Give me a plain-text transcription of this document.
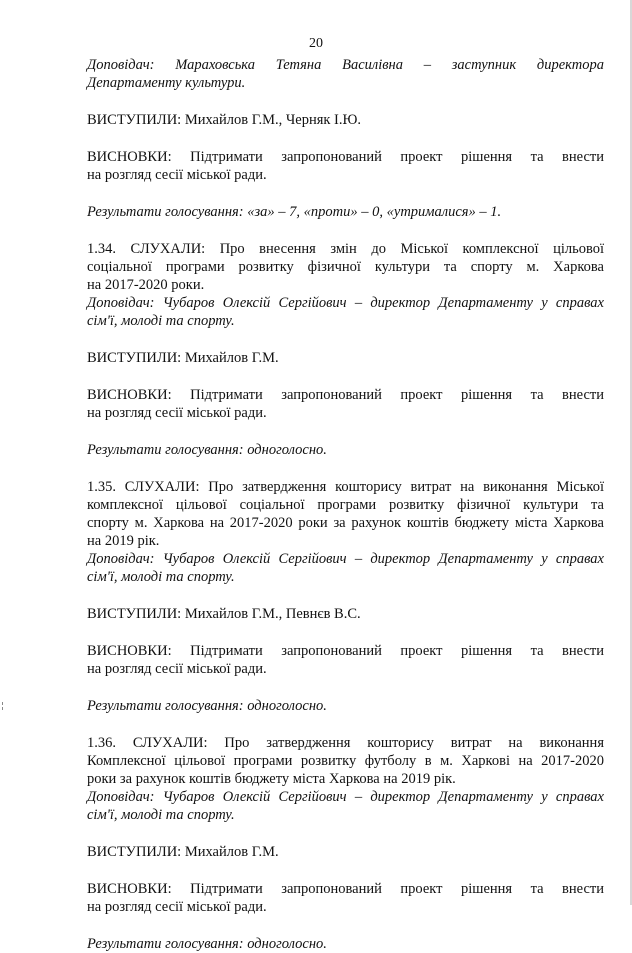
20

Доповідач: Мараховська Тетяна Василівна – заступник директора

Департаменту культури.

ВИСТУПИЛИ: Михайлов Г.М., Черняк І.Ю.

ВИСНОВКИ: Підтримати запропонований проект рішення та внести

на розгляд сесії міської ради.

Результати голосування: «за» – 7, «проти» – 0, «утрималися» – 1.

1.34. СЛУХАЛИ: Про внесення змін до Міської комплексної цільової

соціальної програми розвитку фізичної культури та спорту м. Харкова

на 2017-2020 роки.

Доповідач: Чубаров Олексій Сергійович – директор Департаменту у справах

сім'ї, молоді та спорту.

ВИСТУПИЛИ: Михайлов Г.М.

ВИСНОВКИ: Підтримати запропонований проект рішення та внести

на розгляд сесії міської ради.

Результати голосування: одноголосно.

1.35. СЛУХАЛИ: Про затвердження кошторису витрат на виконання Міської

комплексної цільової соціальної програми розвитку фізичної культури та

спорту м. Харкова на 2017-2020 роки за рахунок коштів бюджету міста Харкова

на 2019 рік.

Доповідач: Чубаров Олексій Сергійович – директор Департаменту у справах

сім'ї, молоді та спорту.

ВИСТУПИЛИ: Михайлов Г.М., Певнєв В.С.

ВИСНОВКИ: Підтримати запропонований проект рішення та внести

на розгляд сесії міської ради.

Результати голосування: одноголосно.

1.36. СЛУХАЛИ: Про затвердження кошторису витрат на виконання

Комплексної цільової програми розвитку футболу в м. Харкові на 2017-2020

роки за рахунок коштів бюджету міста Харкова на 2019 рік.

Доповідач: Чубаров Олексій Сергійович – директор Департаменту у справах

сім'ї, молоді та спорту.

ВИСТУПИЛИ: Михайлов Г.М.

ВИСНОВКИ: Підтримати запропонований проект рішення та внести

на розгляд сесії міської ради.

Результати голосування: одноголосно.
